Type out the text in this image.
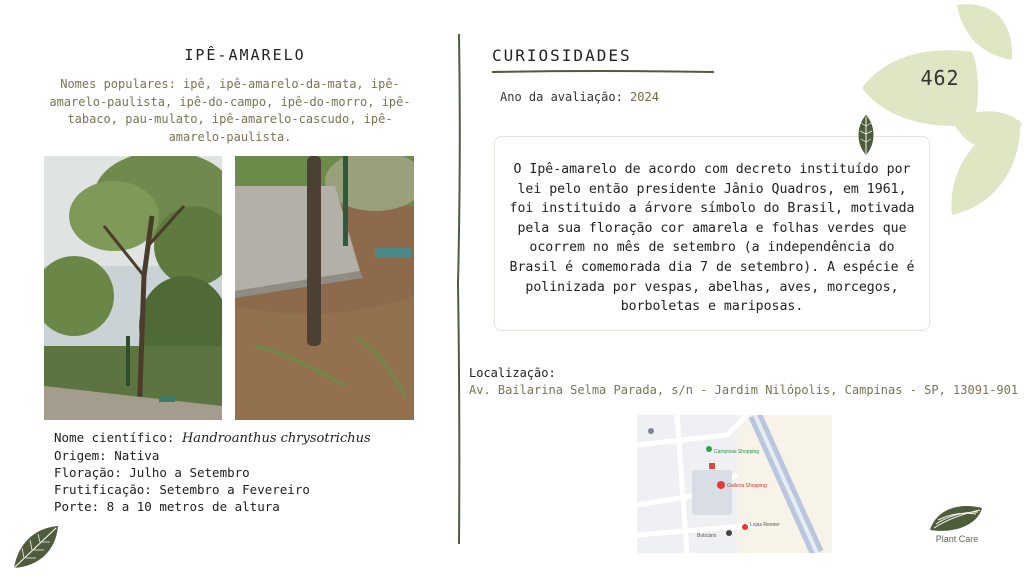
IPÊ-AMARELO
Nomes populares: ipê, ipê-amarelo-da-mata, ipê-amarelo-paulista, ipê-do-campo, ipê-do-morro, ipê-tabaco, pau-mulato, ipê-amarelo-cascudo, ipê-amarelo-paulista.
Nome científico: Handroanthus chrysotrichus
Origem: Nativa
Floração: Julho a Setembro
Frutificação: Setembro a Fevereiro
Porte: 8 a 10 metros de altura
CURIOSIDADES
Ano da avaliação: 2024
O Ipê-amarelo de acordo com decreto instituído por lei pelo então presidente Jânio Quadros, em 1961, foi instituido a árvore símbolo do Brasil, motivada pela sua floração cor amarela e folhas verdes que ocorrem no mês de setembro (a independência do Brasil é comemorada dia 7 de setembro). A espécie é polinizada por vespas, abelhas, aves, morcegos, borboletas e mariposas.
Localização:
Av. Bailarina Selma Parada, s/n - Jardim Nilópolis, Campinas - SP, 13091-901
Campinas Shopping
Galleria Shopping
Lojas Renner
Boticário
462
Plant Care
